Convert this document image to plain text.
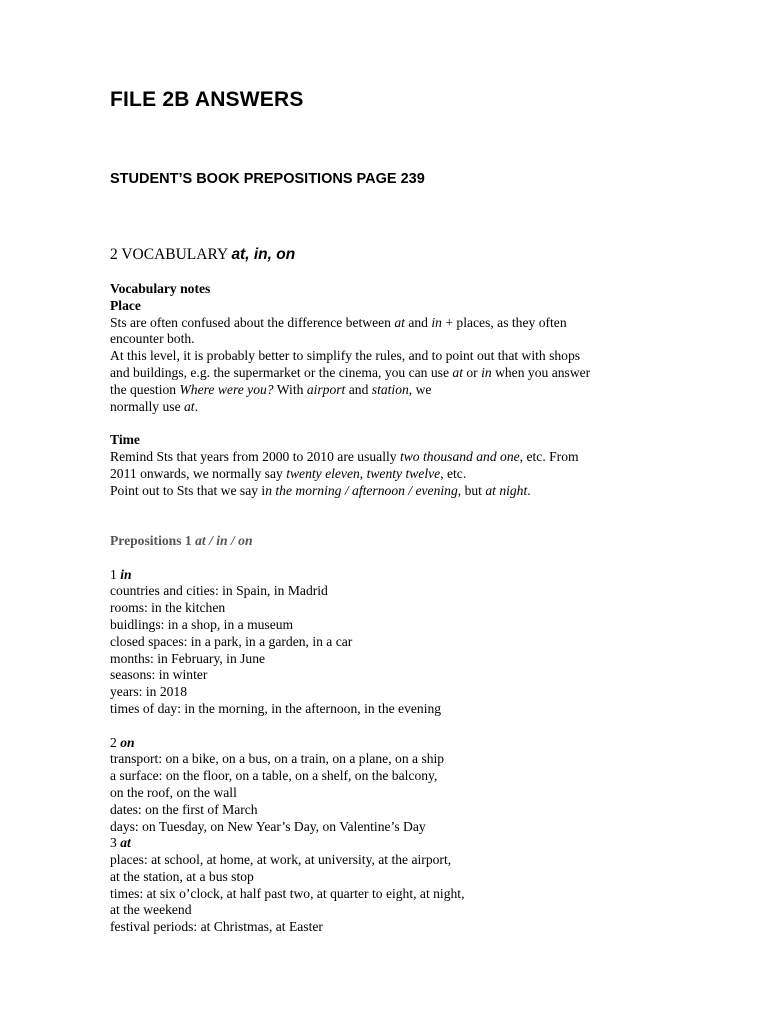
FILE 2B ANSWERS
STUDENT’S BOOK PREPOSITIONS PAGE 239
2 VOCABULARY at, in, on
Vocabulary notes
Place
Sts are often confused about the difference between at and in + places, as they often
encounter both.
At this level, it is probably better to simplify the rules, and to point out that with shops
and buildings, e.g. the supermarket or the cinema, you can use at or in when you answer
the question Where were you? With airport and station, we
normally use at.
Time
Remind Sts that years from 2000 to 2010 are usually two thousand and one, etc. From
2011 onwards, we normally say twenty eleven, twenty twelve, etc.
Point out to Sts that we say in the morning / afternoon / evening, but at night.
Prepositions 1 at / in / on
1 in
countries and cities: in Spain, in Madrid
rooms: in the kitchen
buidlings: in a shop, in a museum
closed spaces: in a park, in a garden, in a car
months: in February, in June
seasons: in winter
years: in 2018
times of day: in the morning, in the afternoon, in the evening
2 on
transport: on a bike, on a bus, on a train, on a plane, on a ship
a surface: on the floor, on a table, on a shelf, on the balcony,
on the roof, on the wall
dates: on the first of March
days: on Tuesday, on New Year’s Day, on Valentine’s Day
3 at
places: at school, at home, at work, at university, at the airport,
at the station, at a bus stop
times: at six o’clock, at half past two, at quarter to eight, at night,
at the weekend
festival periods: at Christmas, at Easter
